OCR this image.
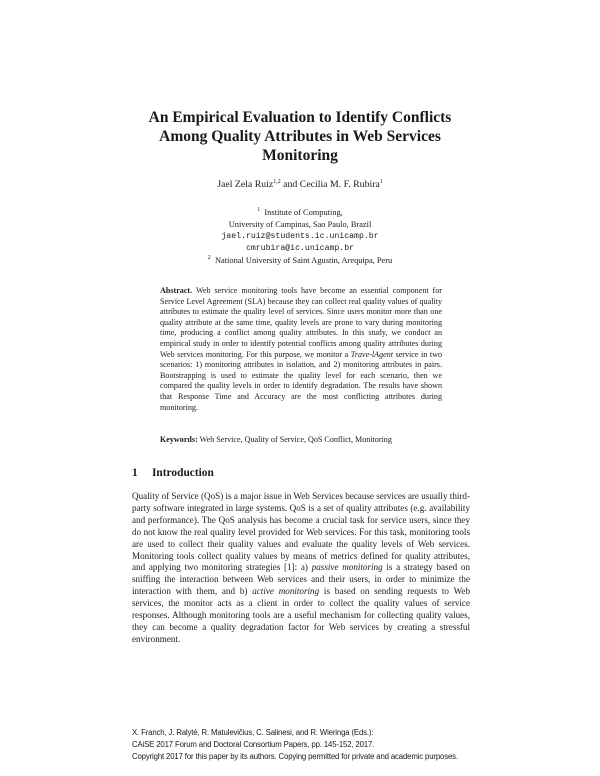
An Empirical Evaluation to Identify Conflicts
Among Quality Attributes in Web Services
Monitoring
Jael Zela Ruiz$^{1,2}$ and Cecilia M. F. Rubira$^1$
$^1$ Institute of Computing,
University of Campinas, Sao Paulo, Brazil
jael.ruiz@students.ic.unicamp.br
cmrubira@ic.unicamp.br
$^2$ National University of Saint Agustin, Arequipa, Peru
Abstract. Web service monitoring tools have become an essential component for Service Level Agreement (SLA) because they can collect real quality values of quality attributes to estimate the quality level of services. Since users monitor more than one quality attribute at the same time, quality levels are prone to vary during monitoring time, producing a conflict among quality attributes. In this study, we conduct an empirical study in order to identify potential conflicts among quality attributes during Web services monitoring. For this purpose, we monitor a Trave-lAgent service in two scenarios: 1) monitoring attributes in isolation, and 2) monitoring attributes in pairs. Bootstrapping is used to estimate the quality level for each scenario, then we compared the quality levels in order to identify degradation. The results have shown that Response Time and Accuracy are the most conflicting attributes during monitoring.
Keywords: Web Service, Quality of Service, QoS Conflict, Monitoring
1 Introduction
Quality of Service (QoS) is a major issue in Web Services because services are usually third-party software integrated in large systems. QoS is a set of quality attributes (e.g. availability and performance). The QoS analysis has become a crucial task for service users, since they do not know the real quality level provided for Web services. For this task, monitoring tools are used to collect their quality values and evaluate the quality levels of Web services. Monitoring tools collect quality values by means of metrics defined for quality attributes, and applying two monitoring strategies [1]: a) passive monitoring is a strategy based on sniffing the interaction between Web services and their users, in order to minimize the interaction with them, and b) active monitoring is based on sending requests to Web services, the monitor acts as a client in order to collect the quality values of service responses. Although monitoring tools are a useful mechanism for collecting quality values, they can become a quality degradation factor for Web services by creating a stressful environment.
X. Franch, J. Ralyté, R. Matulevičius, C. Salinesi, and R. Wieringa (Eds.):
CAiSE 2017 Forum and Doctoral Consortium Papers, pp. 145-152, 2017.
Copyright 2017 for this paper by its authors. Copying permitted for private and academic purposes.
